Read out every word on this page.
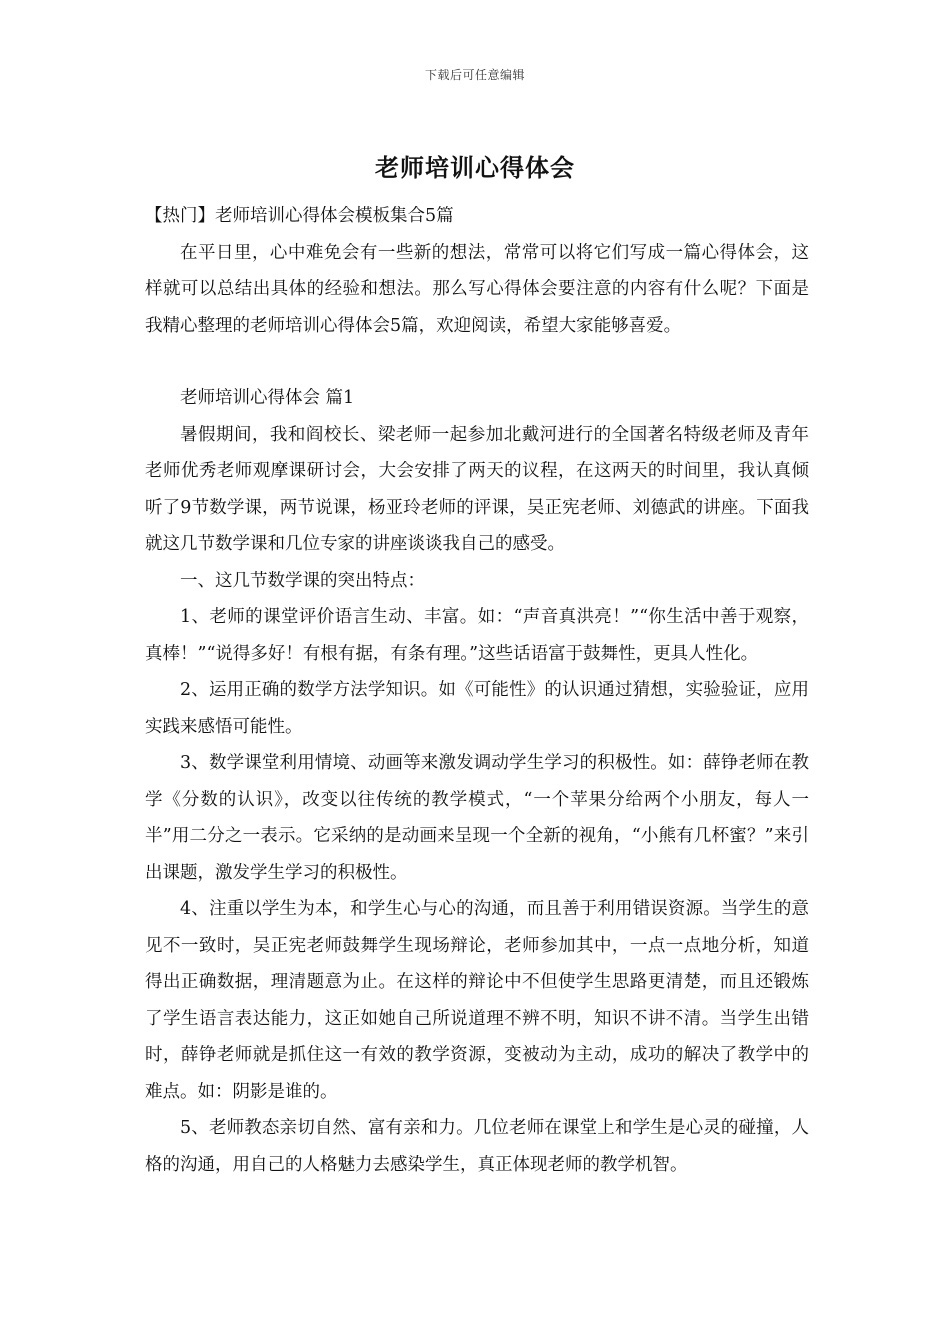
下载后可任意编辑
老师培训心得体会

【热门】老师培训心得体会模板集合5篇

在平日里，心中难免会有一些新的想法，常常可以将它们写成一篇心得体会，这样就可以总结出具体的经验和想法。那么写心得体会要注意的内容有什么呢？下面是我精心整理的老师培训心得体会5篇，欢迎阅读，希望大家能够喜爱。

老师培训心得体会 篇1

暑假期间，我和阎校长、梁老师一起参加北戴河进行的全国著名特级老师及青年老师优秀老师观摩课研讨会，大会安排了两天的议程，在这两天的时间里，我认真倾听了9节数学课，两节说课，杨亚玲老师的评课，吴正宪老师、刘德武的讲座。下面我就这几节数学课和几位专家的讲座谈谈我自己的感受。

一、这几节数学课的突出特点：

1、老师的课堂评价语言生动、丰富。如：“声音真洪亮！”“你生活中善于观察，真棒！”“说得多好！有根有据，有条有理。”这些话语富于鼓舞性，更具人性化。

2、运用正确的数学方法学知识。如《可能性》的认识通过猜想，实验验证，应用实践来感悟可能性。

3、数学课堂利用情境、动画等来激发调动学生学习的积极性。如：薛铮老师在教学《分数的认识》，改变以往传统的教学模式，“一个苹果分给两个小朋友，每人一半”用二分之一表示。它采纳的是动画来呈现一个全新的视角，“小熊有几杯蜜？”来引出课题，激发学生学习的积极性。

4、注重以学生为本，和学生心与心的沟通，而且善于利用错误资源。当学生的意见不一致时，吴正宪老师鼓舞学生现场辩论，老师参加其中，一点一点地分析，知道得出正确数据，理清题意为止。在这样的辩论中不但使学生思路更清楚，而且还锻炼了学生语言表达能力，这正如她自己所说道理不辨不明，知识不讲不清。当学生出错时，薛铮老师就是抓住这一有效的教学资源，变被动为主动，成功的解决了教学中的难点。如：阴影是谁的。

5、老师教态亲切自然、富有亲和力。几位老师在课堂上和学生是心灵的碰撞，人格的沟通，用自己的人格魅力去感染学生，真正体现老师的教学机智。
